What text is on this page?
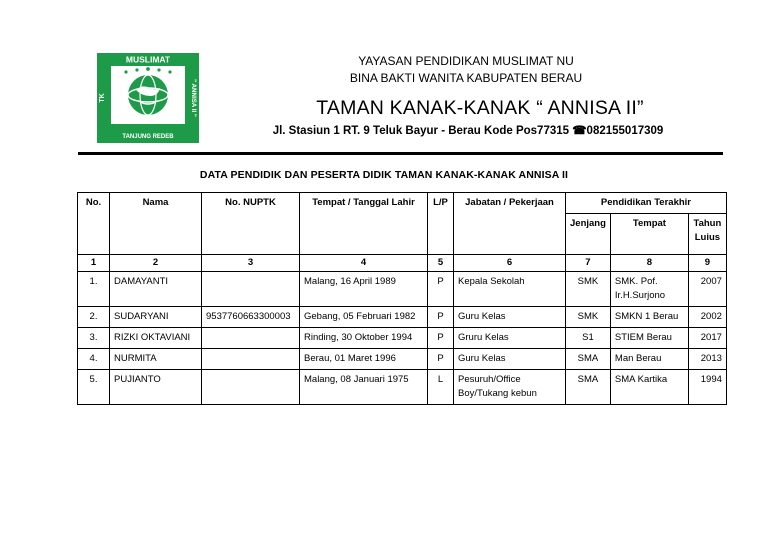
MUSLIMAT
TK	" ANNISA II "
TANJUNG REDEB
YAYASAN PENDIDIKAN MUSLIMAT NU
BINA BAKTI WANITA KABUPATEN BERAU
TAMAN KANAK-KANAK “ ANNISA II”
Jl. Stasiun 1 RT. 9 Teluk Bayur - Berau Kode Pos77315 ☎082155017309
DATA PENDIDIK DAN PESERTA DIDIK TAMAN KANAK-KANAK ANNISA II
No.	Nama	No. NUPTK	Tempat / Tanggal Lahir	L/P	Jabatan / Pekerjaan	Pendidikan Terakhir		
						Jenjang	Tempat	Tahun Luius
1	2	3	4	5	6	7	8	9
1.	DAMAYANTI		Malang, 16 April 1989	P	Kepala Sekolah	SMK	SMK. Pof. Ir.H.Surjono	2007
2.	SUDARYANI	9537760663300003	Gebang, 05 Februari 1982	P	Guru Kelas	SMK	SMKN 1 Berau	2002
3.	RIZKI OKTAVIANI		Rinding, 30 Oktober 1994	P	Gruru Kelas	S1	STIEM Berau	2017
4.	NURMITA		Berau, 01 Maret 1996	P	Guru Kelas	SMA	Man Berau	2013
5.	PUJIANTO		Malang, 08 Januari 1975	L	Pesuruh/Office Boy/Tukang kebun	SMA	SMA Kartika	1994
